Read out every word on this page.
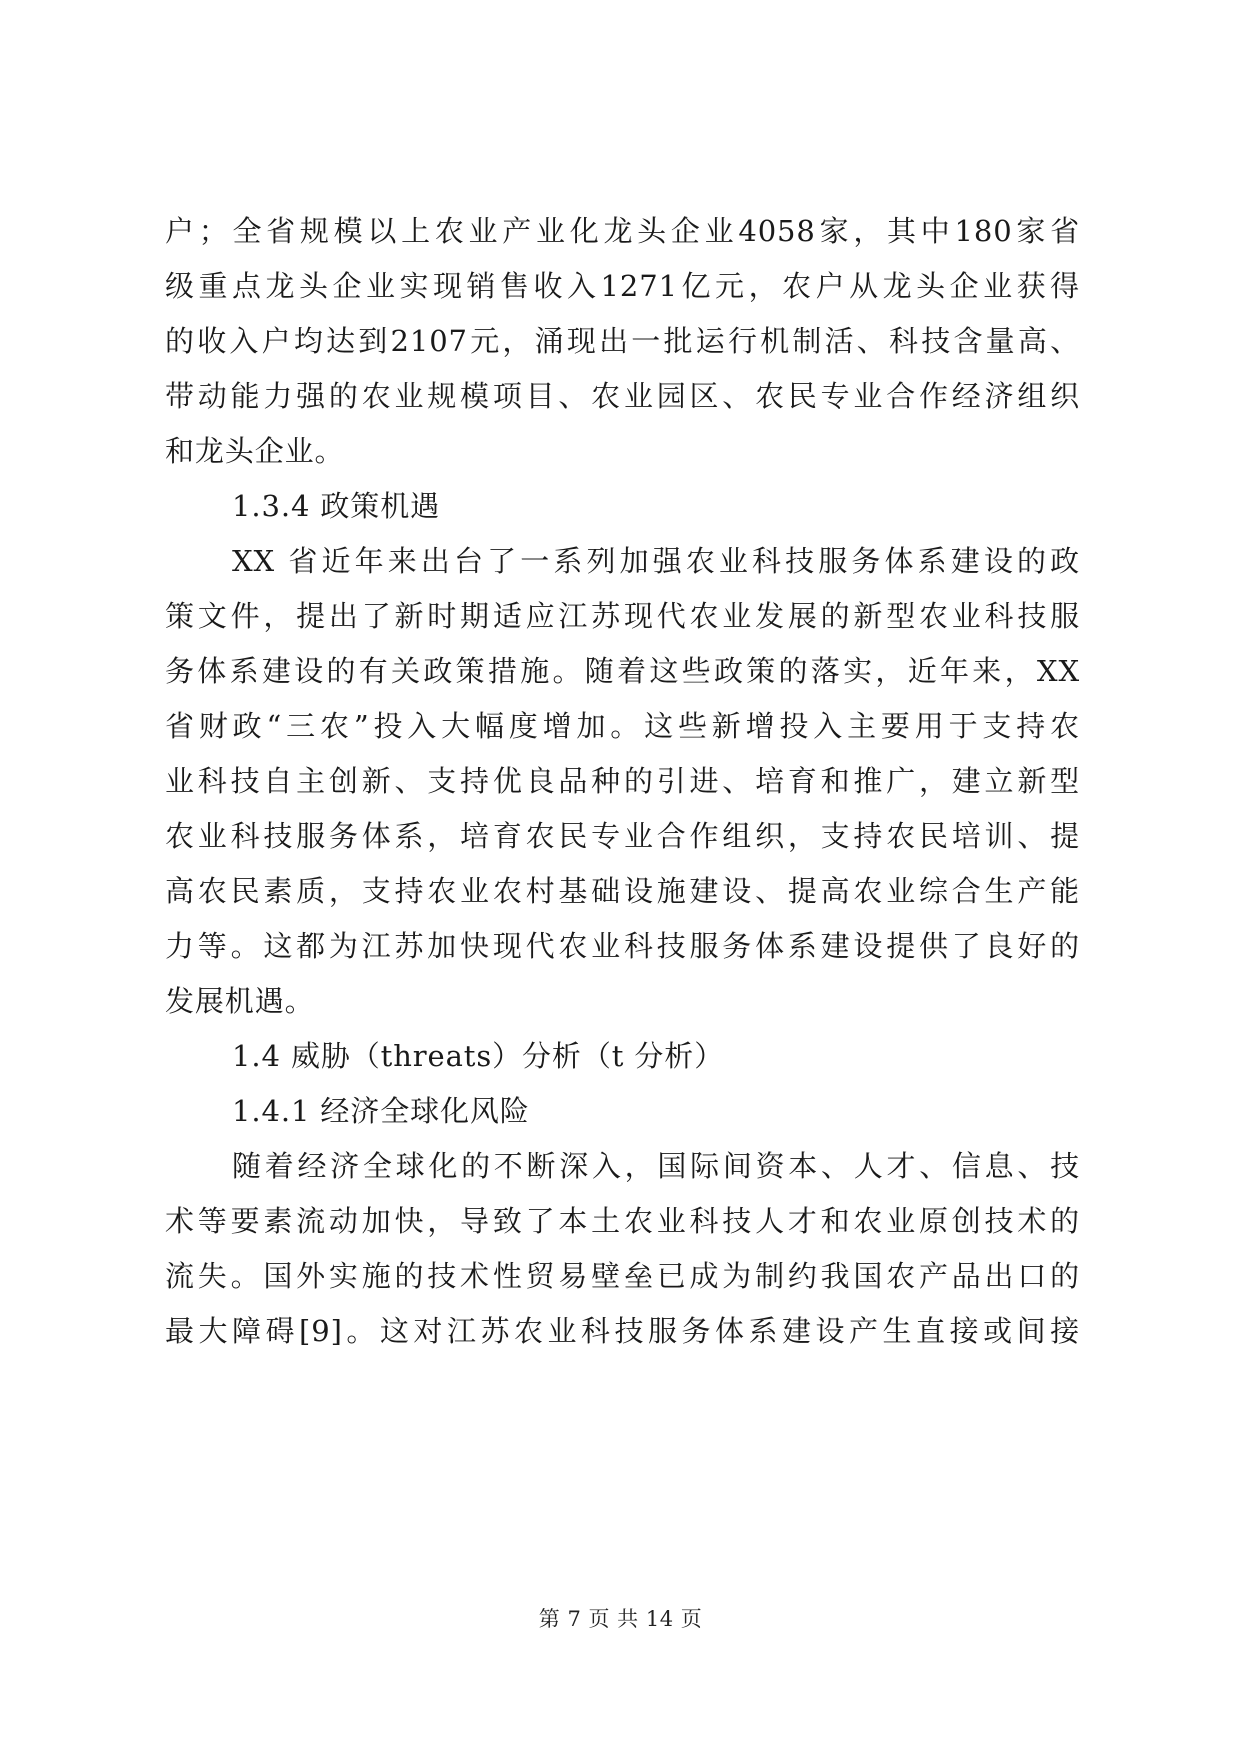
户；全省规模以上农业产业化龙头企业4058家，其中180家省
级重点龙头企业实现销售收入1271亿元，农户从龙头企业获得
的收入户均达到2107元，涌现出一批运行机制活、科技含量高、
带动能力强的农业规模项目、农业园区、农民专业合作经济组织
和龙头企业。
1.3.4 政策机遇
XX 省近年来出台了一系列加强农业科技服务体系建设的政
策文件，提出了新时期适应江苏现代农业发展的新型农业科技服
务体系建设的有关政策措施。随着这些政策的落实，近年来，XX
省财政“三农”投入大幅度增加。这些新增投入主要用于支持农
业科技自主创新、支持优良品种的引进、培育和推广，建立新型
农业科技服务体系，培育农民专业合作组织，支持农民培训、提
高农民素质，支持农业农村基础设施建设、提高农业综合生产能
力等。这都为江苏加快现代农业科技服务体系建设提供了良好的
发展机遇。
1.4 威胁（threats）分析（t 分析）
1.4.1 经济全球化风险
随着经济全球化的不断深入，国际间资本、人才、信息、技
术等要素流动加快，导致了本土农业科技人才和农业原创技术的
流失。国外实施的技术性贸易壁垒已成为制约我国农产品出口的
最大障碍[9]。这对江苏农业科技服务体系建设产生直接或间接
第 7 页 共 14 页
